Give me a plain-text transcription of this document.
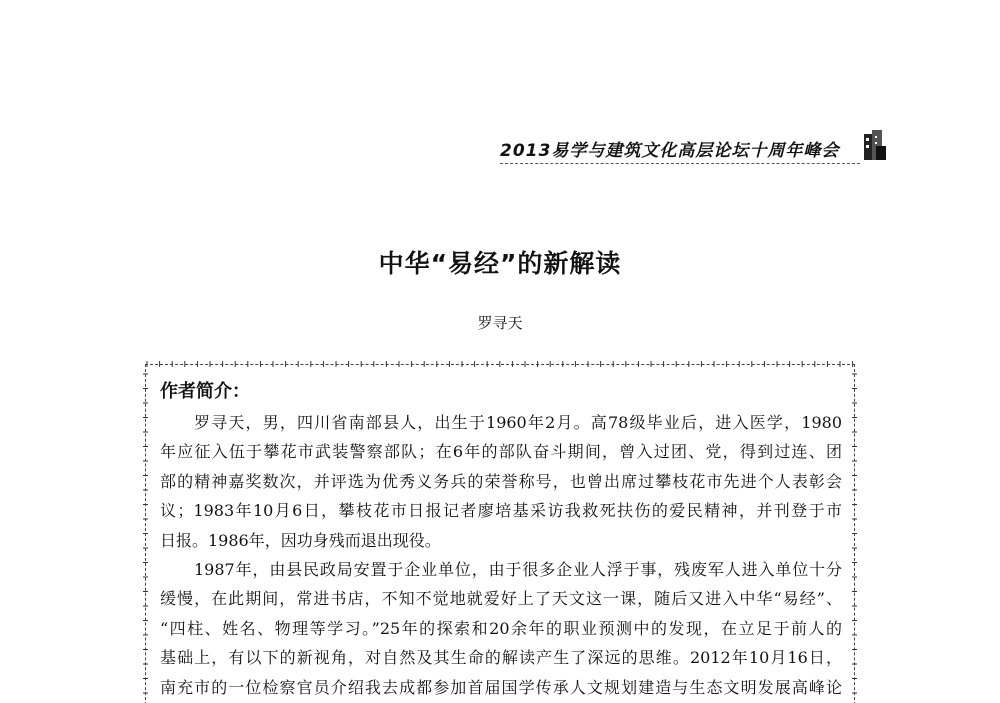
2013易学与建筑文化高层论坛十周年峰会
中华“易经”的新解读
罗寻天
作者简介：
罗寻天，男，四川省南部县人，出生于1960年2月。高78级毕业后，进入医学，1980
年应征入伍于攀花市武装警察部队；在6年的部队奋斗期间，曾入过团、党，得到过连、团
部的精神嘉奖数次，并评选为优秀义务兵的荣誉称号，也曾出席过攀枝花市先进个人表彰会
议；1983年10月6日，攀枝花市日报记者廖培基采访我救死扶伤的爱民精神，并刊登于市
日报。1986年，因功身残而退出现役。
1987年，由县民政局安置于企业单位，由于很多企业人浮于事，残废军人进入单位十分
缓慢，在此期间，常进书店，不知不觉地就爱好上了天文这一课，随后又进入中华“易经”、
“四柱、姓名、物理等学习。”25年的探索和20余年的职业预测中的发现，在立足于前人的
基础上，有以下的新视角，对自然及其生命的解读产生了深远的思维。2012年10月16日，
南充市的一位检察官员介绍我去成都参加首届国学传承人文规划建造与生态文明发展高峰论
